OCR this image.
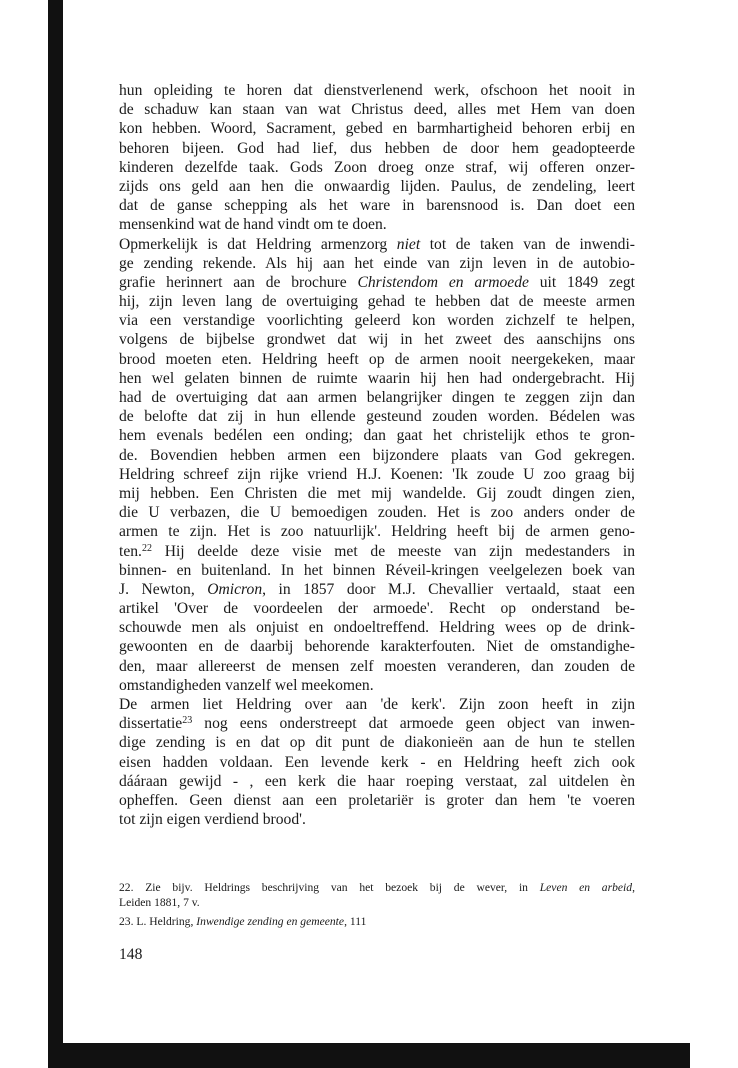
hun opleiding te horen dat dienstverlenend werk, ofschoon het nooit in
de schaduw kan staan van wat Christus deed, alles met Hem van doen
kon hebben. Woord, Sacrament, gebed en barmhartigheid behoren erbij en
behoren bijeen. God had lief, dus hebben de door hem geadopteerde
kinderen dezelfde taak. Gods Zoon droeg onze straf, wij offeren onzer-
zijds ons geld aan hen die onwaardig lijden. Paulus, de zendeling, leert
dat de ganse schepping als het ware in barensnood is. Dan doet een
mensenkind wat de hand vindt om te doen.
Opmerkelijk is dat Heldring armenzorg niet tot de taken van de inwendi-
ge zending rekende. Als hij aan het einde van zijn leven in de autobio-
grafie herinnert aan de brochure Christendom en armoede uit 1849 zegt
hij, zijn leven lang de overtuiging gehad te hebben dat de meeste armen
via een verstandige voorlichting geleerd kon worden zichzelf te helpen,
volgens de bijbelse grondwet dat wij in het zweet des aanschijns ons
brood moeten eten. Heldring heeft op de armen nooit neergekeken, maar
hen wel gelaten binnen de ruimte waarin hij hen had ondergebracht. Hij
had de overtuiging dat aan armen belangrijker dingen te zeggen zijn dan
de belofte dat zij in hun ellende gesteund zouden worden. Bédelen was
hem evenals bedélen een onding; dan gaat het christelijk ethos te gron-
de. Bovendien hebben armen een bijzondere plaats van God gekregen.
Heldring schreef zijn rijke vriend H.J. Koenen: 'Ik zoude U zoo graag bij
mij hebben. Een Christen die met mij wandelde. Gij zoudt dingen zien,
die U verbazen, die U bemoedigen zouden. Het is zoo anders onder de
armen te zijn. Het is zoo natuurlijk'. Heldring heeft bij de armen geno-
ten.$^{22}$ Hij deelde deze visie met de meeste van zijn medestanders in
binnen- en buitenland. In het binnen Réveil-kringen veelgelezen boek van
J. Newton, Omicron, in 1857 door M.J. Chevallier vertaald, staat een
artikel 'Over de voordeelen der armoede'. Recht op onderstand be-
schouwde men als onjuist en ondoeltreffend. Heldring wees op de drink-
gewoonten en de daarbij behorende karakterfouten. Niet de omstandighe-
den, maar allereerst de mensen zelf moesten veranderen, dan zouden de
omstandigheden vanzelf wel meekomen.
De armen liet Heldring over aan 'de kerk'. Zijn zoon heeft in zijn
dissertatie$^{23}$ nog eens onderstreept dat armoede geen object van inwen-
dige zending is en dat op dit punt de diakonieën aan de hun te stellen
eisen hadden voldaan. Een levende kerk - en Heldring heeft zich ook
dááraan gewijd - , een kerk die haar roeping verstaat, zal uitdelen èn
opheffen. Geen dienst aan een proletariër is groter dan hem 'te voeren
tot zijn eigen verdiend brood'.
22. Zie bijv. Heldrings beschrijving van het bezoek bij de wever, in Leven en arbeid,
Leiden 1881, 7 v.
23. L. Heldring, Inwendige zending en gemeente, 111
148
